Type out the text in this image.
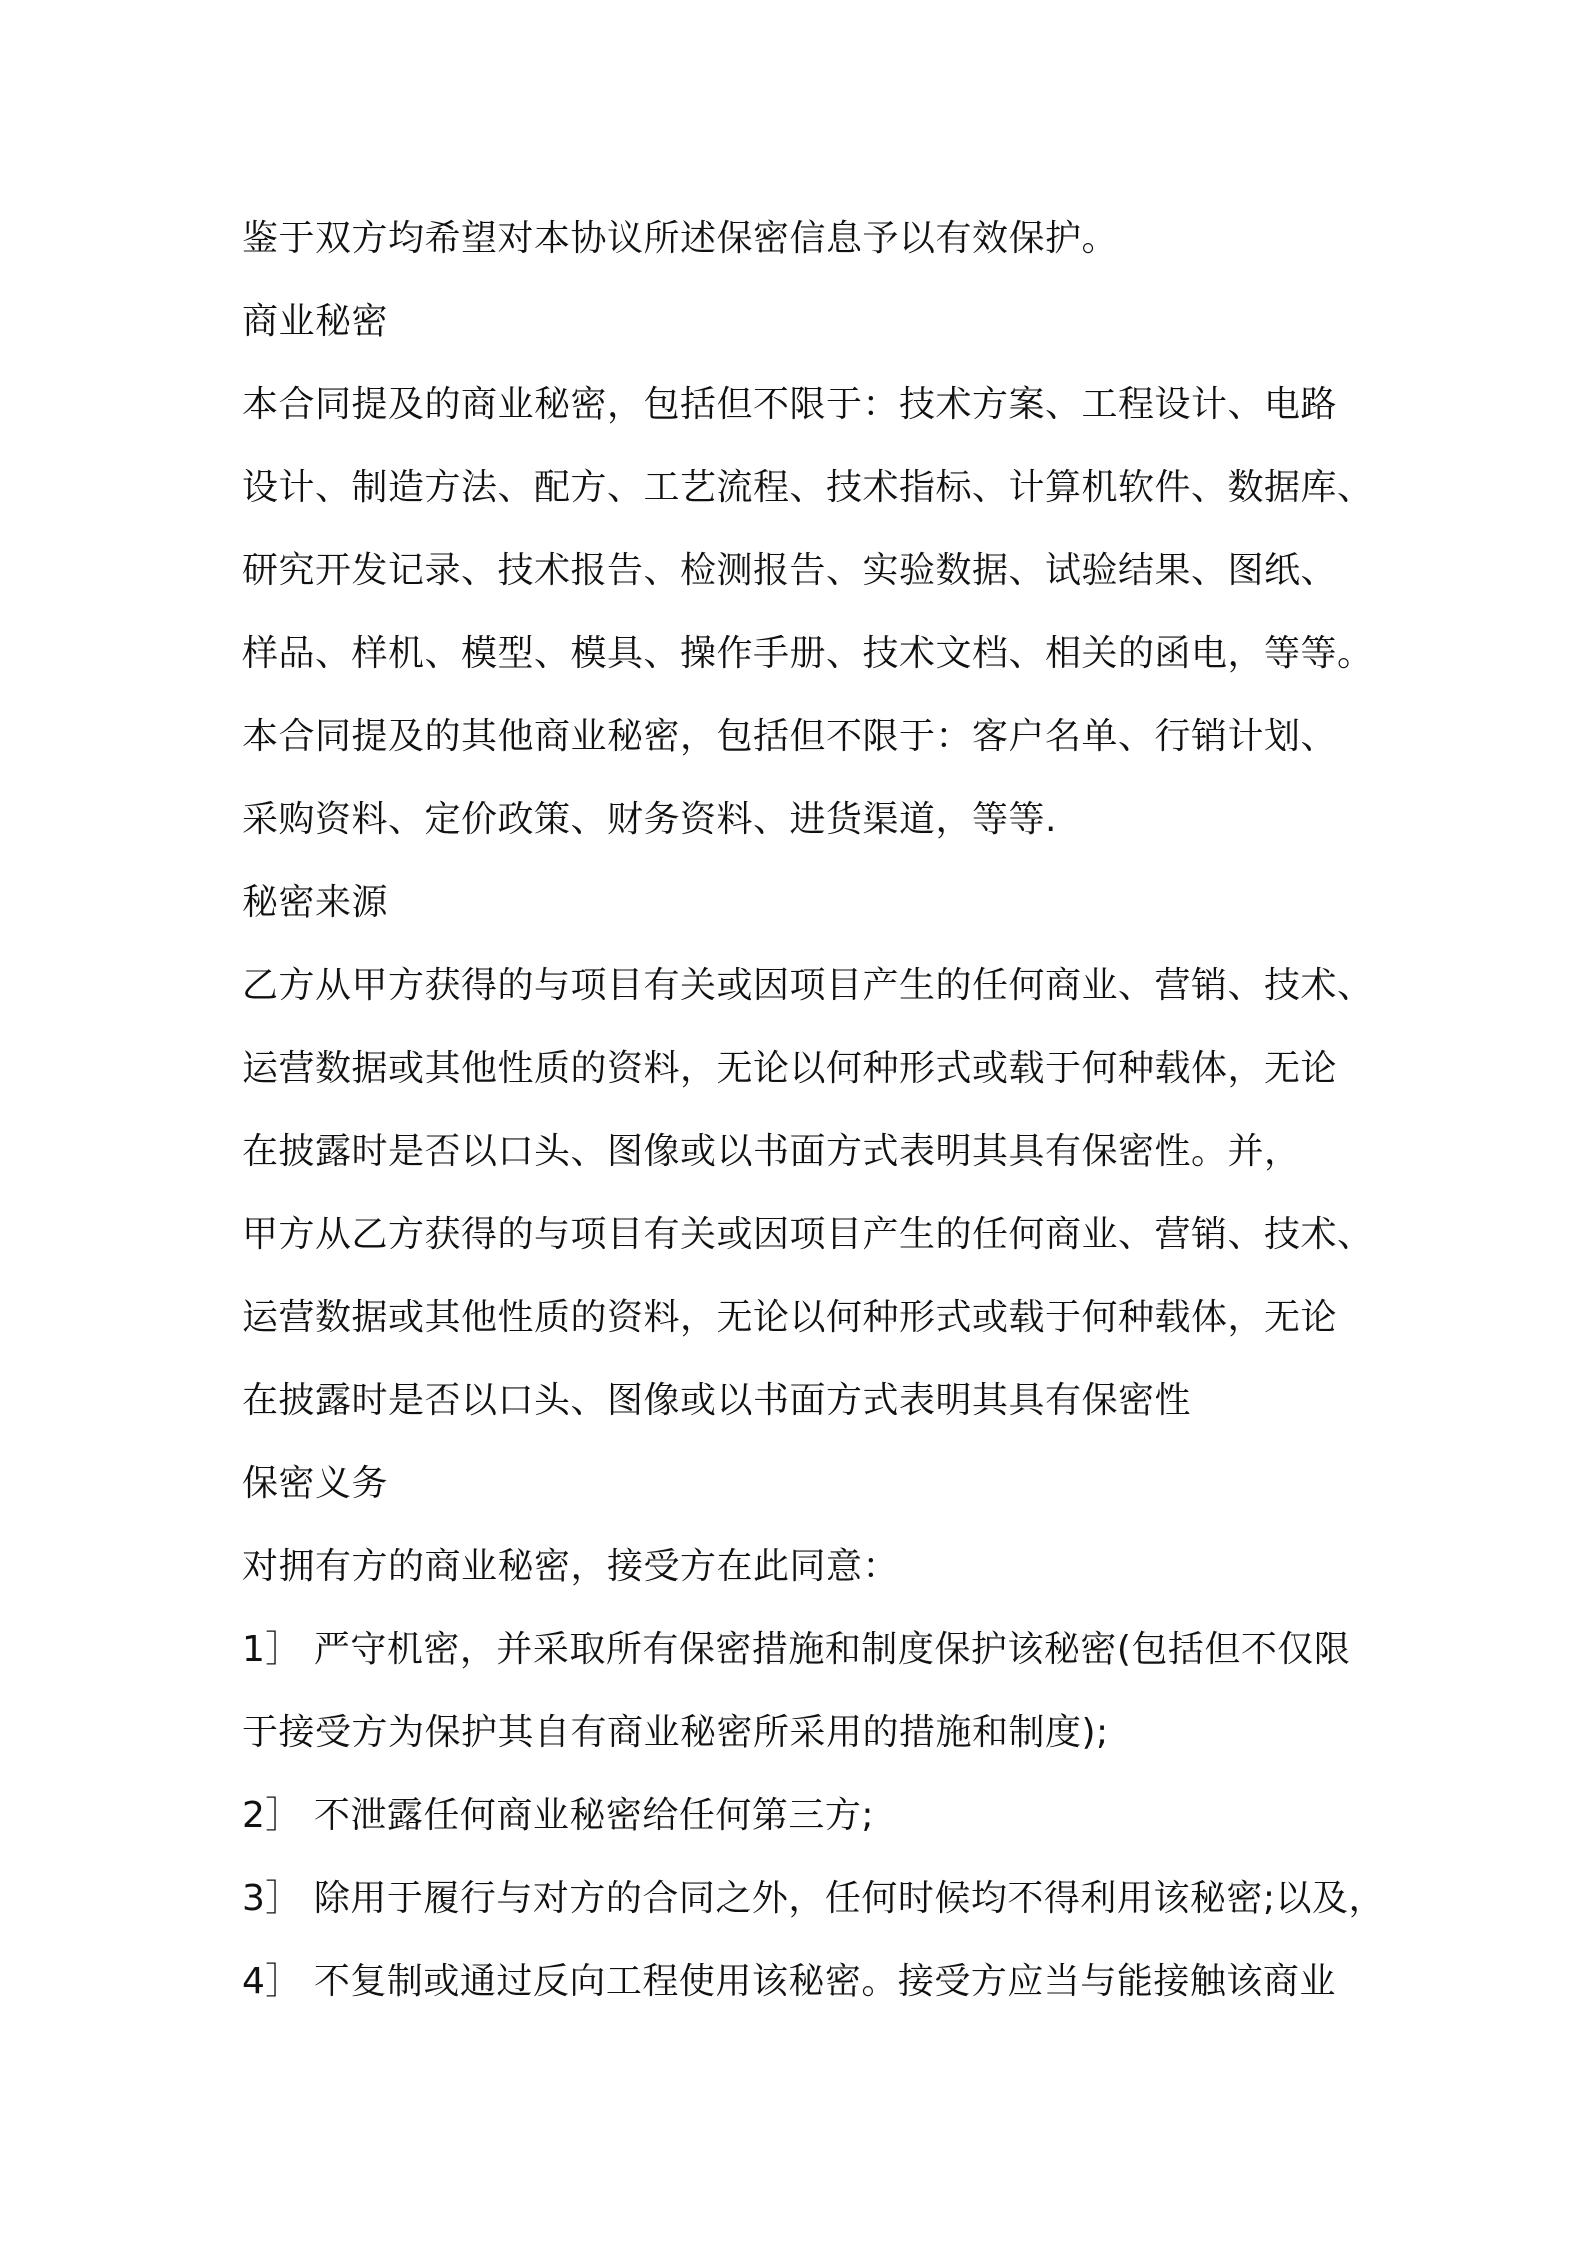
鉴于双方均希望对本协议所述保密信息予以有效保护。
商业秘密
本合同提及的商业秘密，包括但不限于：技术方案、工程设计、电路
设计、制造方法、配方、工艺流程、技术指标、计算机软件、数据库、
研究开发记录、技术报告、检测报告、实验数据、试验结果、图纸、
样品、样机、模型、模具、操作手册、技术文档、相关的函电，等等。
本合同提及的其他商业秘密，包括但不限于：客户名单、行销计划、
采购资料、定价政策、财务资料、进货渠道，等等.
秘密来源
乙方从甲方获得的与项目有关或因项目产生的任何商业、营销、技术、
运营数据或其他性质的资料，无论以何种形式或载于何种载体，无论
在披露时是否以口头、图像或以书面方式表明其具有保密性。并，
甲方从乙方获得的与项目有关或因项目产生的任何商业、营销、技术、
运营数据或其他性质的资料，无论以何种形式或载于何种载体，无论
在披露时是否以口头、图像或以书面方式表明其具有保密性
保密义务
对拥有方的商业秘密，接受方在此同意：
1］ 严守机密，并采取所有保密措施和制度保护该秘密(包括但不仅限
于接受方为保护其自有商业秘密所采用的措施和制度);
2］ 不泄露任何商业秘密给任何第三方;
3］ 除用于履行与对方的合同之外，任何时候均不得利用该秘密;以及，
4］ 不复制或通过反向工程使用该秘密。接受方应当与能接触该商业
